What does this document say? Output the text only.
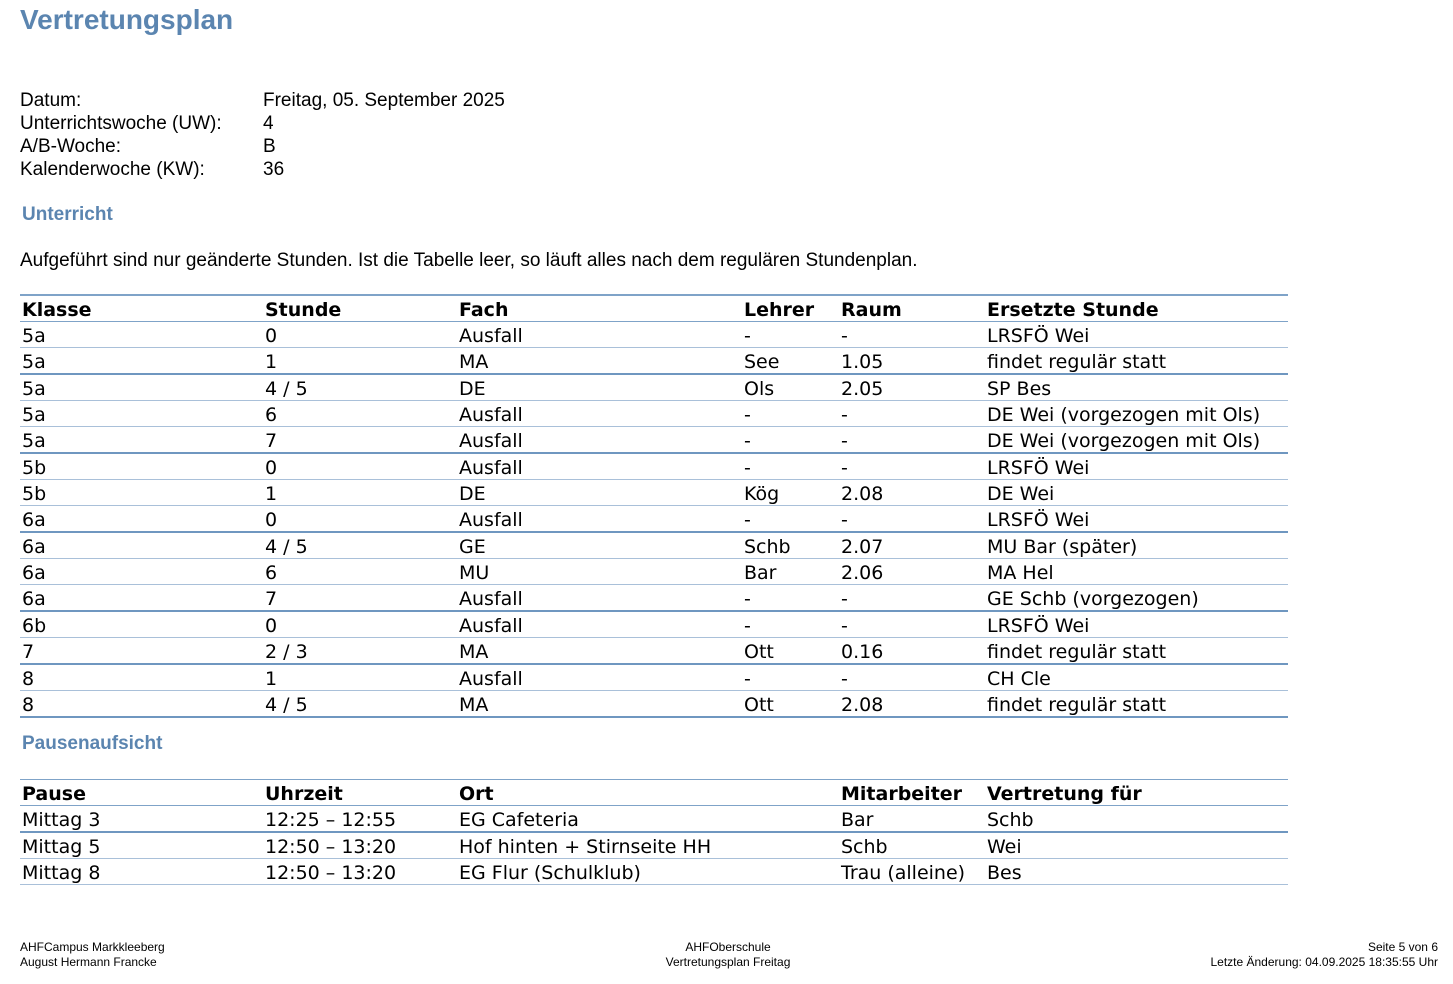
Vertretungsplan
Datum:	Freitag, 05. September 2025
Unterrichtswoche (UW):	4
A/B-Woche:	B
Kalenderwoche (KW):	36
Unterricht
Aufgeführt sind nur geänderte Stunden. Ist die Tabelle leer, so läuft alles nach dem regulären Stundenplan.
Klasse	Stunde	Fach	Lehrer	Raum	Ersetzte Stunde
5a	0	Ausfall	-	-	LRSFÖ Wei
5a	1	MA	See	1.05	findet regulär statt
5a	4 / 5	DE	Ols	2.05	SP Bes
5a	6	Ausfall	-	-	DE Wei (vorgezogen mit Ols)
5a	7	Ausfall	-	-	DE Wei (vorgezogen mit Ols)
5b	0	Ausfall	-	-	LRSFÖ Wei
5b	1	DE	Kög	2.08	DE Wei
6a	0	Ausfall	-	-	LRSFÖ Wei
6a	4 / 5	GE	Schb	2.07	MU Bar (später)
6a	6	MU	Bar	2.06	MA Hel
6a	7	Ausfall	-	-	GE Schb (vorgezogen)
6b	0	Ausfall	-	-	LRSFÖ Wei
7	2 / 3	MA	Ott	0.16	findet regulär statt
8	1	Ausfall	-	-	CH Cle
8	4 / 5	MA	Ott	2.08	findet regulär statt
Pausenaufsicht
Pause	Uhrzeit	Ort	Mitarbeiter	Vertretung für
Mittag 3	12:25 – 12:55	EG Cafeteria	Bar	Schb
Mittag 5	12:50 – 13:20	Hof hinten + Stirnseite HH	Schb	Wei
Mittag 8	12:50 – 13:20	EG Flur (Schulklub)	Trau (alleine)	Bes
AHFCampus Markkleeberg
August Hermann Francke
AHFOberschule
Vertretungsplan Freitag
Seite 5 von 6
Letzte Änderung: 04.09.2025 18:35:55 Uhr
